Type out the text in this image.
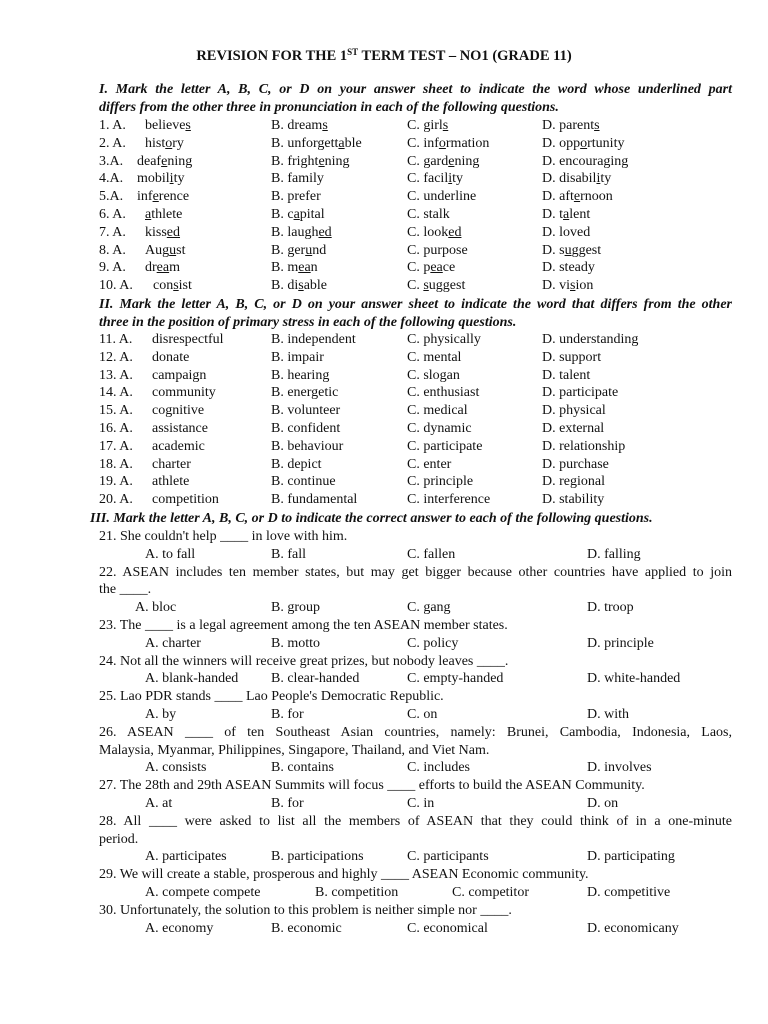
REVISION FOR THE 1ST TERM TEST – NO1 (GRADE 11)
I. Mark the letter A, B, C, or D on your answer sheet to indicate the word whose underlined part
differs from the other three in pronunciation in each of the following questions.
1. A. believes	B. dreams	C. girls	D. parents
2. A. history	B. unforgettable	C. information	D. opportunity
3.A. deafening	B. frightening	C. gardening	D. encouraging
4.A. mobility	B. family	C. facility	D. disability
5.A. inference	B. prefer	C. underline	D. afternoon
6. A. athlete	B. capital	C. stalk	D. talent
7. A. kissed	B. laughed	C. looked	D. loved
8. A. August	B. gerund	C. purpose	D. suggest
9. A. dream	B. mean	C. peace	D. steady
10. A. consist	B. disable	C. suggest	D. vision
II. Mark the letter A, B, C, or D on your answer sheet to indicate the word that differs from the other
three in the position of primary stress in each of the following questions.
11. A. disrespectful	B. independent	C. physically	D. understanding
12. A. donate	B. impair	C. mental	D. support
13. A. campaign	B. hearing	C. slogan	D. talent
14. A. community	B. energetic	C. enthusiast	D. participate
15. A. cognitive	B. volunteer	C. medical	D. physical
16. A. assistance	B. confident	C. dynamic	D. external
17. A. academic	B. behaviour	C. participate	D. relationship
18. A. charter	B. depict	C. enter	D. purchase
19. A. athlete	B. continue	C. principle	D. regional
20. A. competition	B. fundamental	C. interference	D. stability
III. Mark the letter A, B, C, or D to indicate the correct answer to each of the following questions.
21. She couldn't help ____ in love with him.
A. to fall	B. fall	C. fallen	D. falling
22. ASEAN includes ten member states, but may get bigger because other countries have applied to join
the ____.
A. bloc	B. group	C. gang	D. troop
23. The ____ is a legal agreement among the ten ASEAN member states.
A. charter	B. motto	C. policy	D. principle
24. Not all the winners will receive great prizes, but nobody leaves ____.
A. blank-handed B. clear-handed	C. empty-handed	D. white-handed
25. Lao PDR stands ____ Lao People's Democratic Republic.
A. by	B. for	C. on	D. with
26. ASEAN ____ of ten Southeast Asian countries, namely: Brunei, Cambodia, Indonesia, Laos,
Malaysia, Myanmar, Philippines, Singapore, Thailand, and Viet Nam.
A. consists	B. contains	C. includes	D. involves
27. The 28th and 29th ASEAN Summits will focus ____ efforts to build the ASEAN Community.
A. at	B. for	C. in	D. on
28. All ____ were asked to list all the members of ASEAN that they could think of in a one-minute
period.
A. participates	B. participations	C. participants	D. participating
29. We will create a stable, prosperous and highly ____ ASEAN Economic community.
A. compete compete	B. competition	C. competitor	D. competitive
30. Unfortunately, the solution to this problem is neither simple nor ____.
A. economy	B. economic	C. economical	D. economicany
